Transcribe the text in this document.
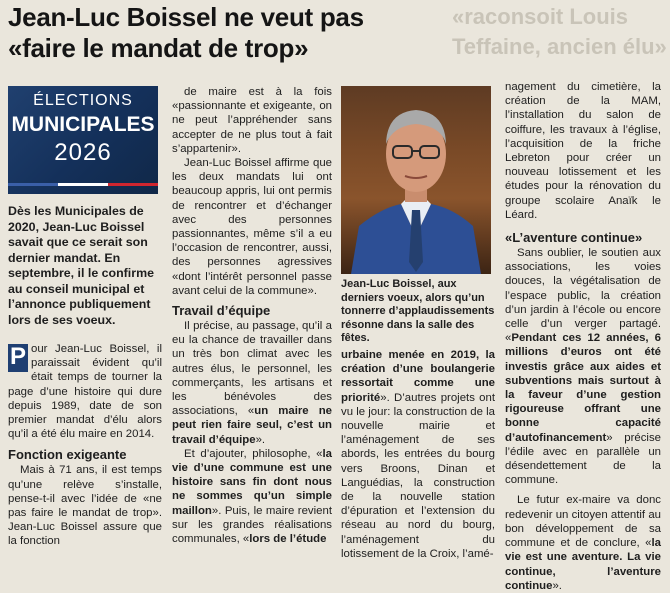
Jean-Luc Boissel ne veut pas
«faire le mandat de trop»
«raconsoit Louis
Teffaine, ancien élu»
ÉLECTIONS
MUNICIPALES
2026

Dès les Municipales de 2020, Jean-Luc Boissel savait que ce serait son dernier mandat. En septembre, il le confirme au conseil municipal et l’annonce publiquement lors de ses voeux.

P our Jean-Luc Boissel, il paraissait évident qu’il était temps de tourner la page d’une histoire qui dure depuis 1989, date de son premier mandat d’élu alors qu’il a été élu maire en 2014.

Fonction exigeante

Mais à 71 ans, il est temps qu’une relève s’installe, pense-t-il avec l’idée de «ne pas faire le mandat de trop». Jean-Luc Boissel assure que la fonction

de maire est à la fois «passionnante et exigeante, on ne peut l’appréhender sans accepter de ne plus tout à fait s’appartenir».

Jean-Luc Boissel affirme que les deux mandats lui ont beaucoup appris, lui ont permis de rencontrer et d’échanger avec des personnes passionnantes, même s’il a eu l’occasion de rencontrer, aussi, des personnes agressives «dont l’intérêt personnel passe avant celui de la commune».

Travail d’équipe

Il précise, au passage, qu’il a eu la chance de travailler dans un très bon climat avec les autres élus, le personnel, les commerçants, les artisans et les bénévoles des associations, «un maire ne peut rien faire seul, c’est un travail d’équipe».

Et d’ajouter, philosophe, «la vie d’une commune est une histoire sans fin dont nous ne sommes qu’un simple maillon». Puis, le maire revient sur les grandes réalisations communales, «lors de l’étude

Jean-Luc Boissel, aux derniers voeux, alors qu’un tonnerre d’applaudissements résonne dans la salle des fêtes.

urbaine menée en 2019, la création d’une boulangerie ressortait comme une priorité». D’autres projets ont vu le jour: la construction de la nouvelle mairie et l’aménagement de ses abords, les entrées du bourg vers Broons, Dinan et Languédias, la construction de la nouvelle station d’épuration et l’extension du réseau au nord du bourg, l’aménagement du lotissement de la Croix, l’amé-

nagement du cimetière, la création de la MAM, l’installation du salon de coiffure, les travaux à l’église, l’acquisition de la friche Lebreton pour créer un nouveau lotissement et les études pour la rénovation du groupe scolaire Anaïk le Léard.

«L’aventure continue»

Sans oublier, le soutien aux associations, les voies douces, la végétalisation de l’espace public, la création d’un jardin à l’école ou encore celle d’un verger partagé. «Pendant ces 12 années, 6 millions d’euros ont été investis grâce aux aides et subventions mais surtout à la faveur d’une gestion rigoureuse offrant une bonne capacité d’autofinancement» précise l’édile avec en parallèle un désendettement de la commune.

Le futur ex-maire va donc redevenir un citoyen attentif au bon développement de sa commune et de conclure, «la vie est une aventure. La vie continue, l’aventure continue».
